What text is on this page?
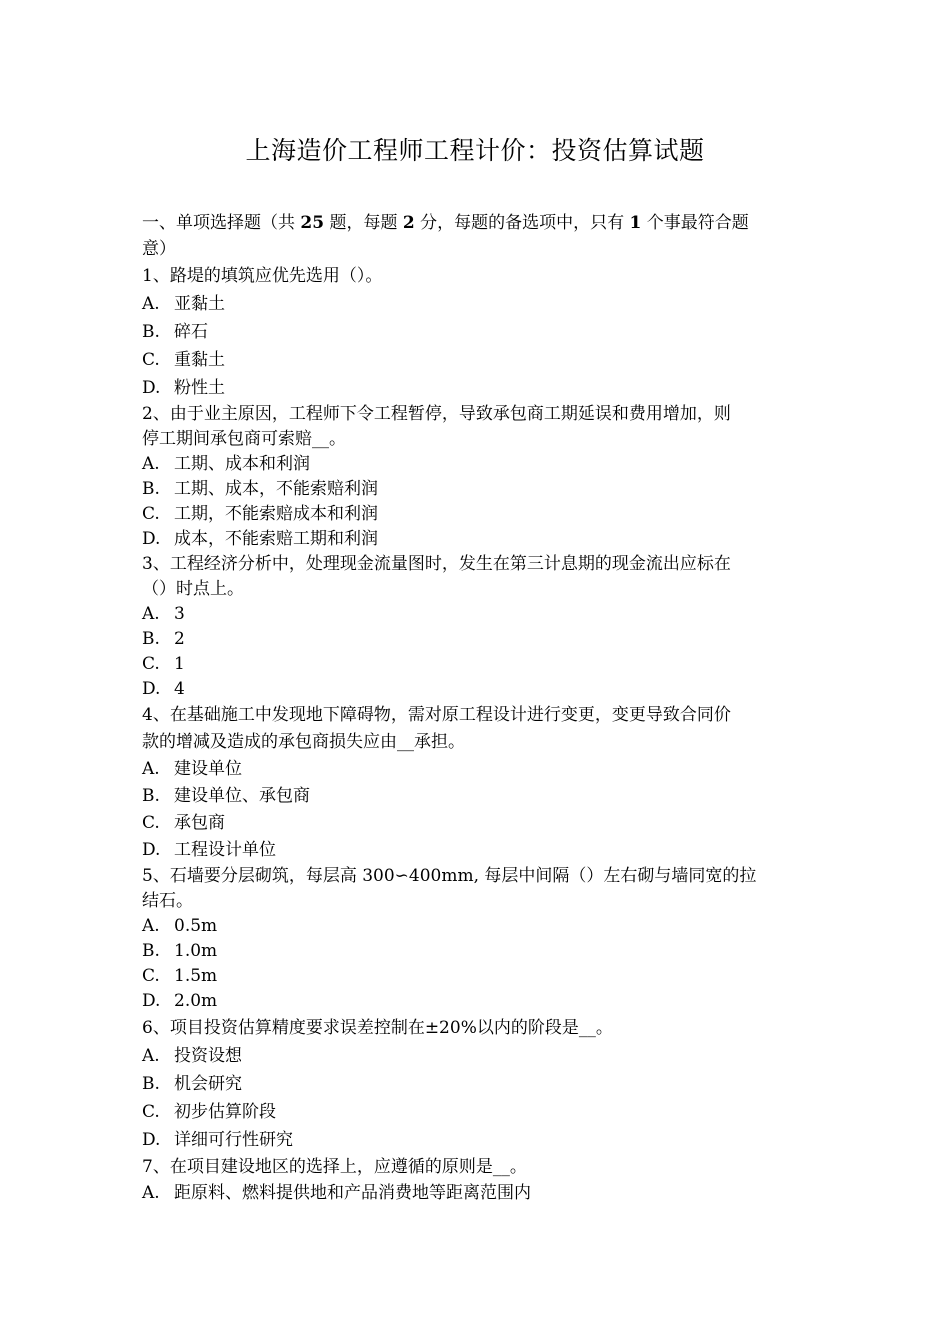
上海造价工程师工程计价：投资估算试题
一、单项选择题（共 25 题，每题 2 分，每题的备选项中，只有 1 个事最符合题
意）
1、路堤的填筑应优先选用（）。
A. 亚黏土
B. 碎石
C. 重黏土
D. 粉性土
2、由于业主原因，工程师下令工程暂停，导致承包商工期延误和费用增加，则
停工期间承包商可索赔__。
A. 工期、成本和利润
B. 工期、成本，不能索赔利润
C. 工期，不能索赔成本和利润
D. 成本，不能索赔工期和利润
3、工程经济分析中，处理现金流量图时，发生在第三计息期的现金流出应标在
（）时点上。
A. 3
B. 2
C. 1
D. 4
4、在基础施工中发现地下障碍物，需对原工程设计进行变更，变更导致合同价
款的增减及造成的承包商损失应由__承担。
A. 建设单位
B. 建设单位、承包商
C. 承包商
D. 工程设计单位
5、石墙要分层砌筑，每层高 300∽400mm, 每层中间隔（）左右砌与墙同宽的拉
结石。
A. 0.5m
B. 1.0m
C. 1.5m
D. 2.0m
6、项目投资估算精度要求误差控制在±20%以内的阶段是__。
A. 投资设想
B. 机会研究
C. 初步估算阶段
D. 详细可行性研究
7、在项目建设地区的选择上，应遵循的原则是__。
A. 距原料、燃料提供地和产品消费地等距离范围内
